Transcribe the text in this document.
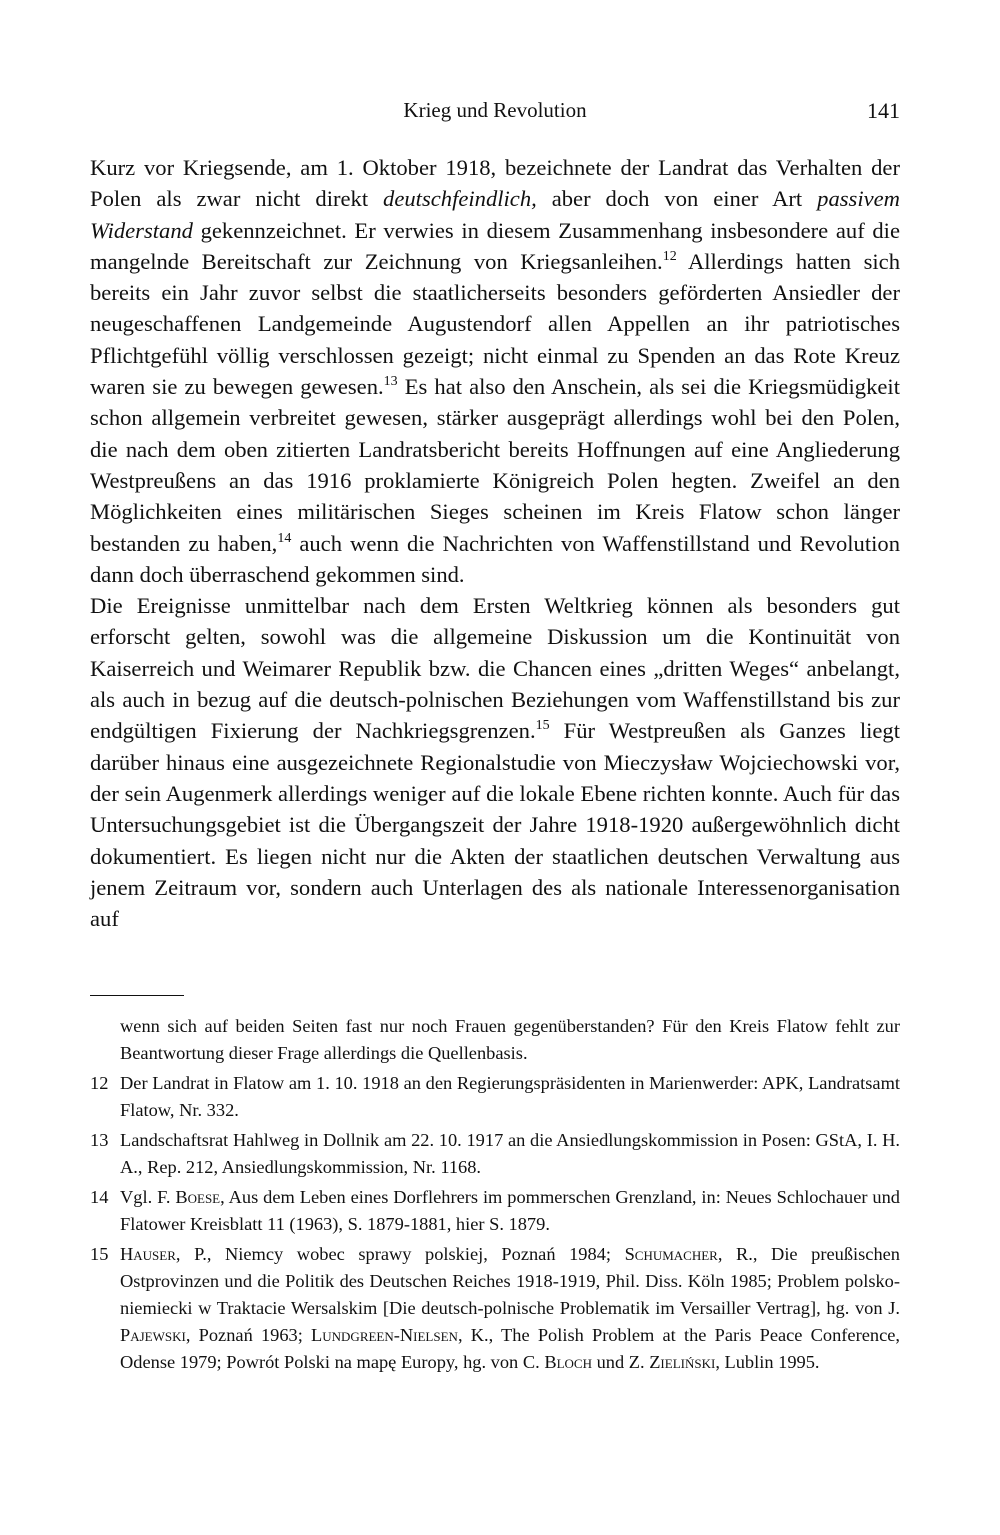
Krieg und Revolution	141

Kurz vor Kriegsende, am 1. Oktober 1918, bezeichnete der Landrat das Verhalten der Polen als zwar nicht direkt deutschfeindlich, aber doch von einer Art passivem Widerstand gekennzeichnet. Er verwies in diesem Zusammenhang insbesondere auf die mangelnde Bereitschaft zur Zeichnung von Kriegsanleihen.$^{12}$ Allerdings hatten sich bereits ein Jahr zuvor selbst die staatlicherseits besonders geförderten Ansiedler der neugeschaffenen Landgemeinde Augustendorf allen Appellen an ihr patriotisches Pflichtgefühl völlig verschlossen gezeigt; nicht einmal zu Spenden an das Rote Kreuz waren sie zu bewegen gewesen.$^{13}$ Es hat also den Anschein, als sei die Kriegsmüdigkeit schon allgemein verbreitet gewesen, stärker ausgeprägt allerdings wohl bei den Polen, die nach dem oben zitierten Landratsbericht bereits Hoffnungen auf eine Angliederung Westpreußens an das 1916 proklamierte Königreich Polen hegten. Zweifel an den Möglichkeiten eines militärischen Sieges scheinen im Kreis Flatow schon länger bestanden zu haben,$^{14}$ auch wenn die Nachrichten von Waffenstillstand und Revolution dann doch überraschend gekommen sind.

Die Ereignisse unmittelbar nach dem Ersten Weltkrieg können als besonders gut erforscht gelten, sowohl was die allgemeine Diskussion um die Kontinuität von Kaiserreich und Weimarer Republik bzw. die Chancen eines „dritten Weges“ anbelangt, als auch in bezug auf die deutsch-polnischen Beziehungen vom Waffenstillstand bis zur endgültigen Fixierung der Nachkriegsgrenzen.$^{15}$ Für Westpreußen als Ganzes liegt darüber hinaus eine ausgezeichnete Regionalstudie von Mieczysław Wojciechowski vor, der sein Augenmerk allerdings weniger auf die lokale Ebene richten konnte. Auch für das Untersuchungsgebiet ist die Übergangszeit der Jahre 1918-1920 außergewöhnlich dicht dokumentiert. Es liegen nicht nur die Akten der staatlichen deutschen Verwaltung aus jenem Zeitraum vor, sondern auch Unterlagen des als nationale Interessenorganisation auf

wenn sich auf beiden Seiten fast nur noch Frauen gegenüberstanden? Für den Kreis Flatow fehlt zur Beantwortung dieser Frage allerdings die Quellenbasis.
12 Der Landrat in Flatow am 1. 10. 1918 an den Regierungspräsidenten in Marienwerder: APK, Landratsamt Flatow, Nr. 332.
13 Landschaftsrat Hahlweg in Dollnik am 22. 10. 1917 an die Ansiedlungskommission in Posen: GStA, I. H. A., Rep. 212, Ansiedlungskommission, Nr. 1168.
14 Vgl. F. Boese, Aus dem Leben eines Dorflehrers im pommerschen Grenzland, in: Neues Schlochauer und Flatower Kreisblatt 11 (1963), S. 1879-1881, hier S. 1879.
15 Hauser, P., Niemcy wobec sprawy polskiej, Poznań 1984; Schumacher, R., Die preußischen Ostprovinzen und die Politik des Deutschen Reiches 1918-1919, Phil. Diss. Köln 1985; Problem polsko-niemiecki w Traktacie Wersalskim [Die deutsch-polnische Problematik im Versailler Vertrag], hg. von J. Pajewski, Poznań 1963; Lundgreen-Nielsen, K., The Polish Problem at the Paris Peace Conference, Odense 1979; Powrót Polski na mapę Europy, hg. von C. Bloch und Z. Zieliński, Lublin 1995.
